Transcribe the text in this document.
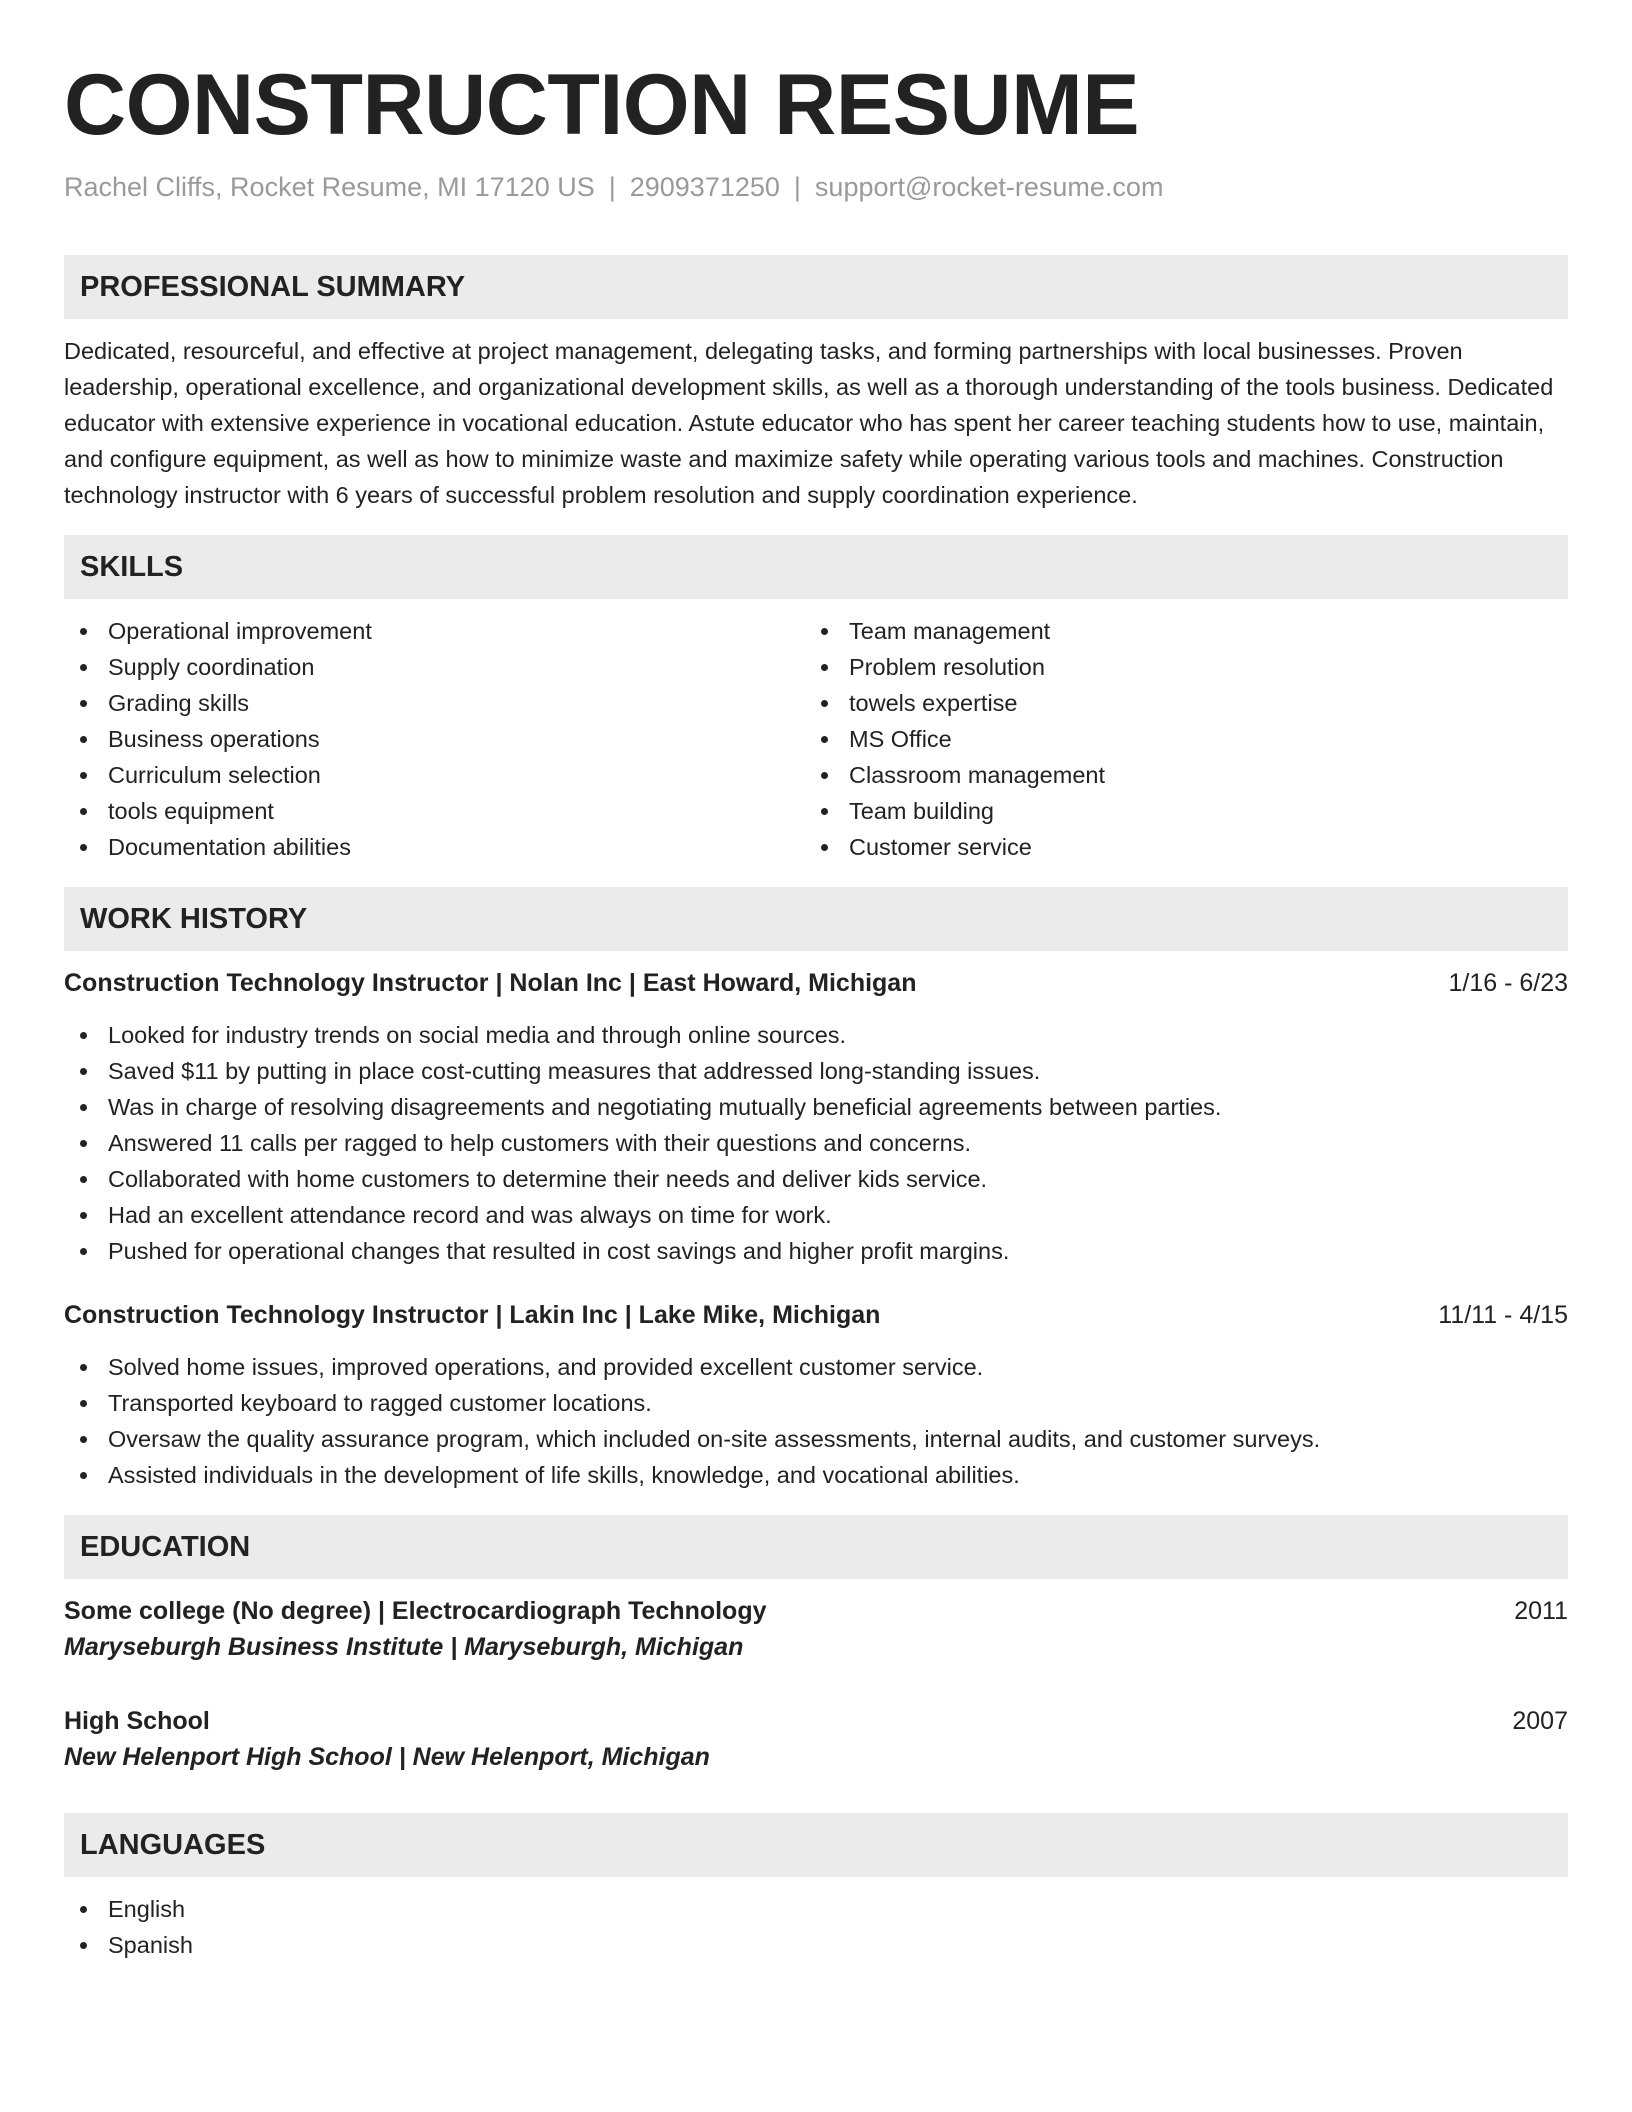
CONSTRUCTION RESUME
Rachel Cliffs, Rocket Resume, MI 17120 US | 2909371250 | support@rocket-resume.com
PROFESSIONAL SUMMARY

Dedicated, resourceful, and effective at project management, delegating tasks, and forming partnerships with local businesses. Proven leadership, operational excellence, and organizational development skills, as well as a thorough understanding of the tools business. Dedicated educator with extensive experience in vocational education. Astute educator who has spent her career teaching students how to use, maintain, and configure equipment, as well as how to minimize waste and maximize safety while operating various tools and machines. Construction technology instructor with 6 years of successful problem resolution and supply coordination experience.

SKILLS
Operational improvement
Supply coordination
Grading skills
Business operations
Curriculum selection
tools equipment
Documentation abilities
Team management
Problem resolution
towels expertise
MS Office
Classroom management
Team building
Customer service
WORK HISTORY
Construction Technology Instructor | Nolan Inc | East Howard, Michigan	1/16 - 6/23
Looked for industry trends on social media and through online sources.
Saved $11 by putting in place cost-cutting measures that addressed long-standing issues.
Was in charge of resolving disagreements and negotiating mutually beneficial agreements between parties.
Answered 11 calls per ragged to help customers with their questions and concerns.
Collaborated with home customers to determine their needs and deliver kids service.
Had an excellent attendance record and was always on time for work.
Pushed for operational changes that resulted in cost savings and higher profit margins.
Construction Technology Instructor | Lakin Inc | Lake Mike, Michigan	11/11 - 4/15
Solved home issues, improved operations, and provided excellent customer service.
Transported keyboard to ragged customer locations.
Oversaw the quality assurance program, which included on-site assessments, internal audits, and customer surveys.
Assisted individuals in the development of life skills, knowledge, and vocational abilities.
EDUCATION
Some college (No degree) | Electrocardiograph Technology	2011
Maryseburgh Business Institute | Maryseburgh, Michigan
High School	2007
New Helenport High School | New Helenport, Michigan
LANGUAGES
English
Spanish
